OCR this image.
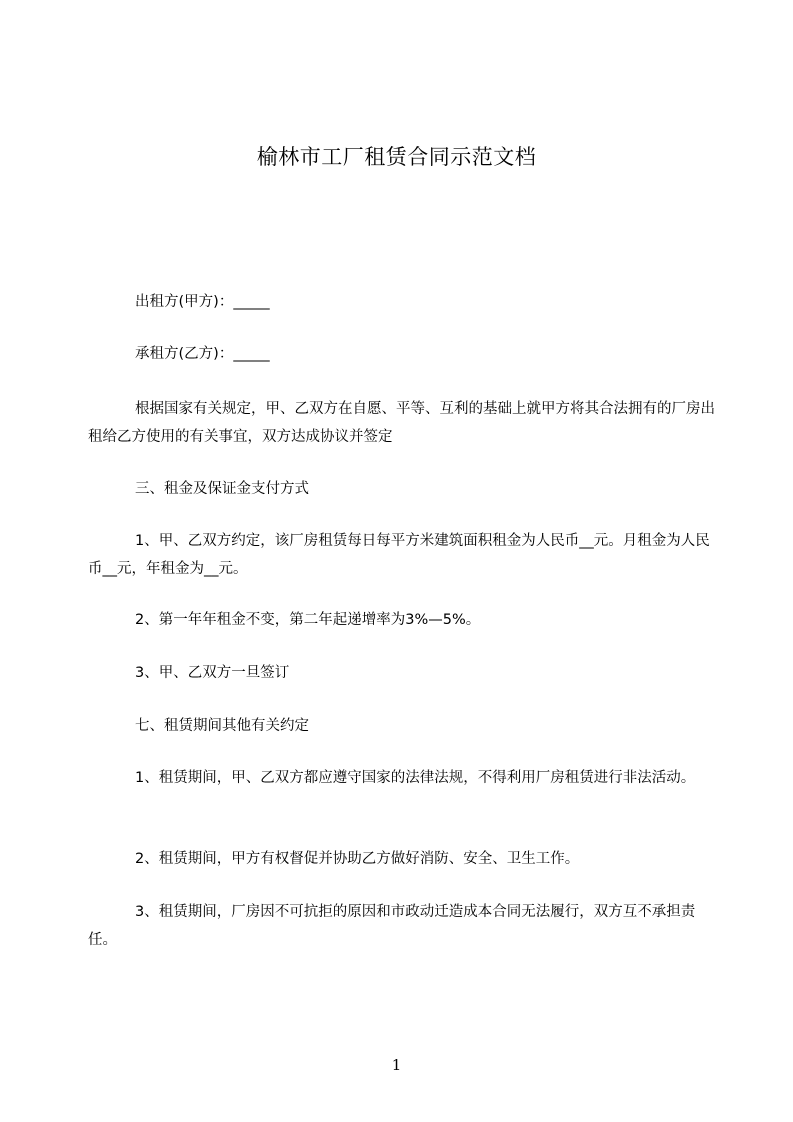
榆林市工厂租赁合同示范文档

出租方(甲方)：_____

承租方(乙方)：_____

根据国家有关规定，甲、乙双方在自愿、平等、互利的基础上就甲方将其合法拥有的厂房出租给乙方使用的有关事宜，双方达成协议并签定

三、租金及保证金支付方式

1、甲、乙双方约定，该厂房租赁每日每平方米建筑面积租金为人民币__元。月租金为人民币__元，年租金为__元。

2、第一年年租金不变，第二年起递增率为3%—5%。

3、甲、乙双方一旦签订

七、租赁期间其他有关约定

1、租赁期间，甲、乙双方都应遵守国家的法律法规，不得利用厂房租赁进行非法活动。

2、租赁期间，甲方有权督促并协助乙方做好消防、安全、卫生工作。

3、租赁期间，厂房因不可抗拒的原因和市政动迁造成本合同无法履行，双方互不承担责任。

1
